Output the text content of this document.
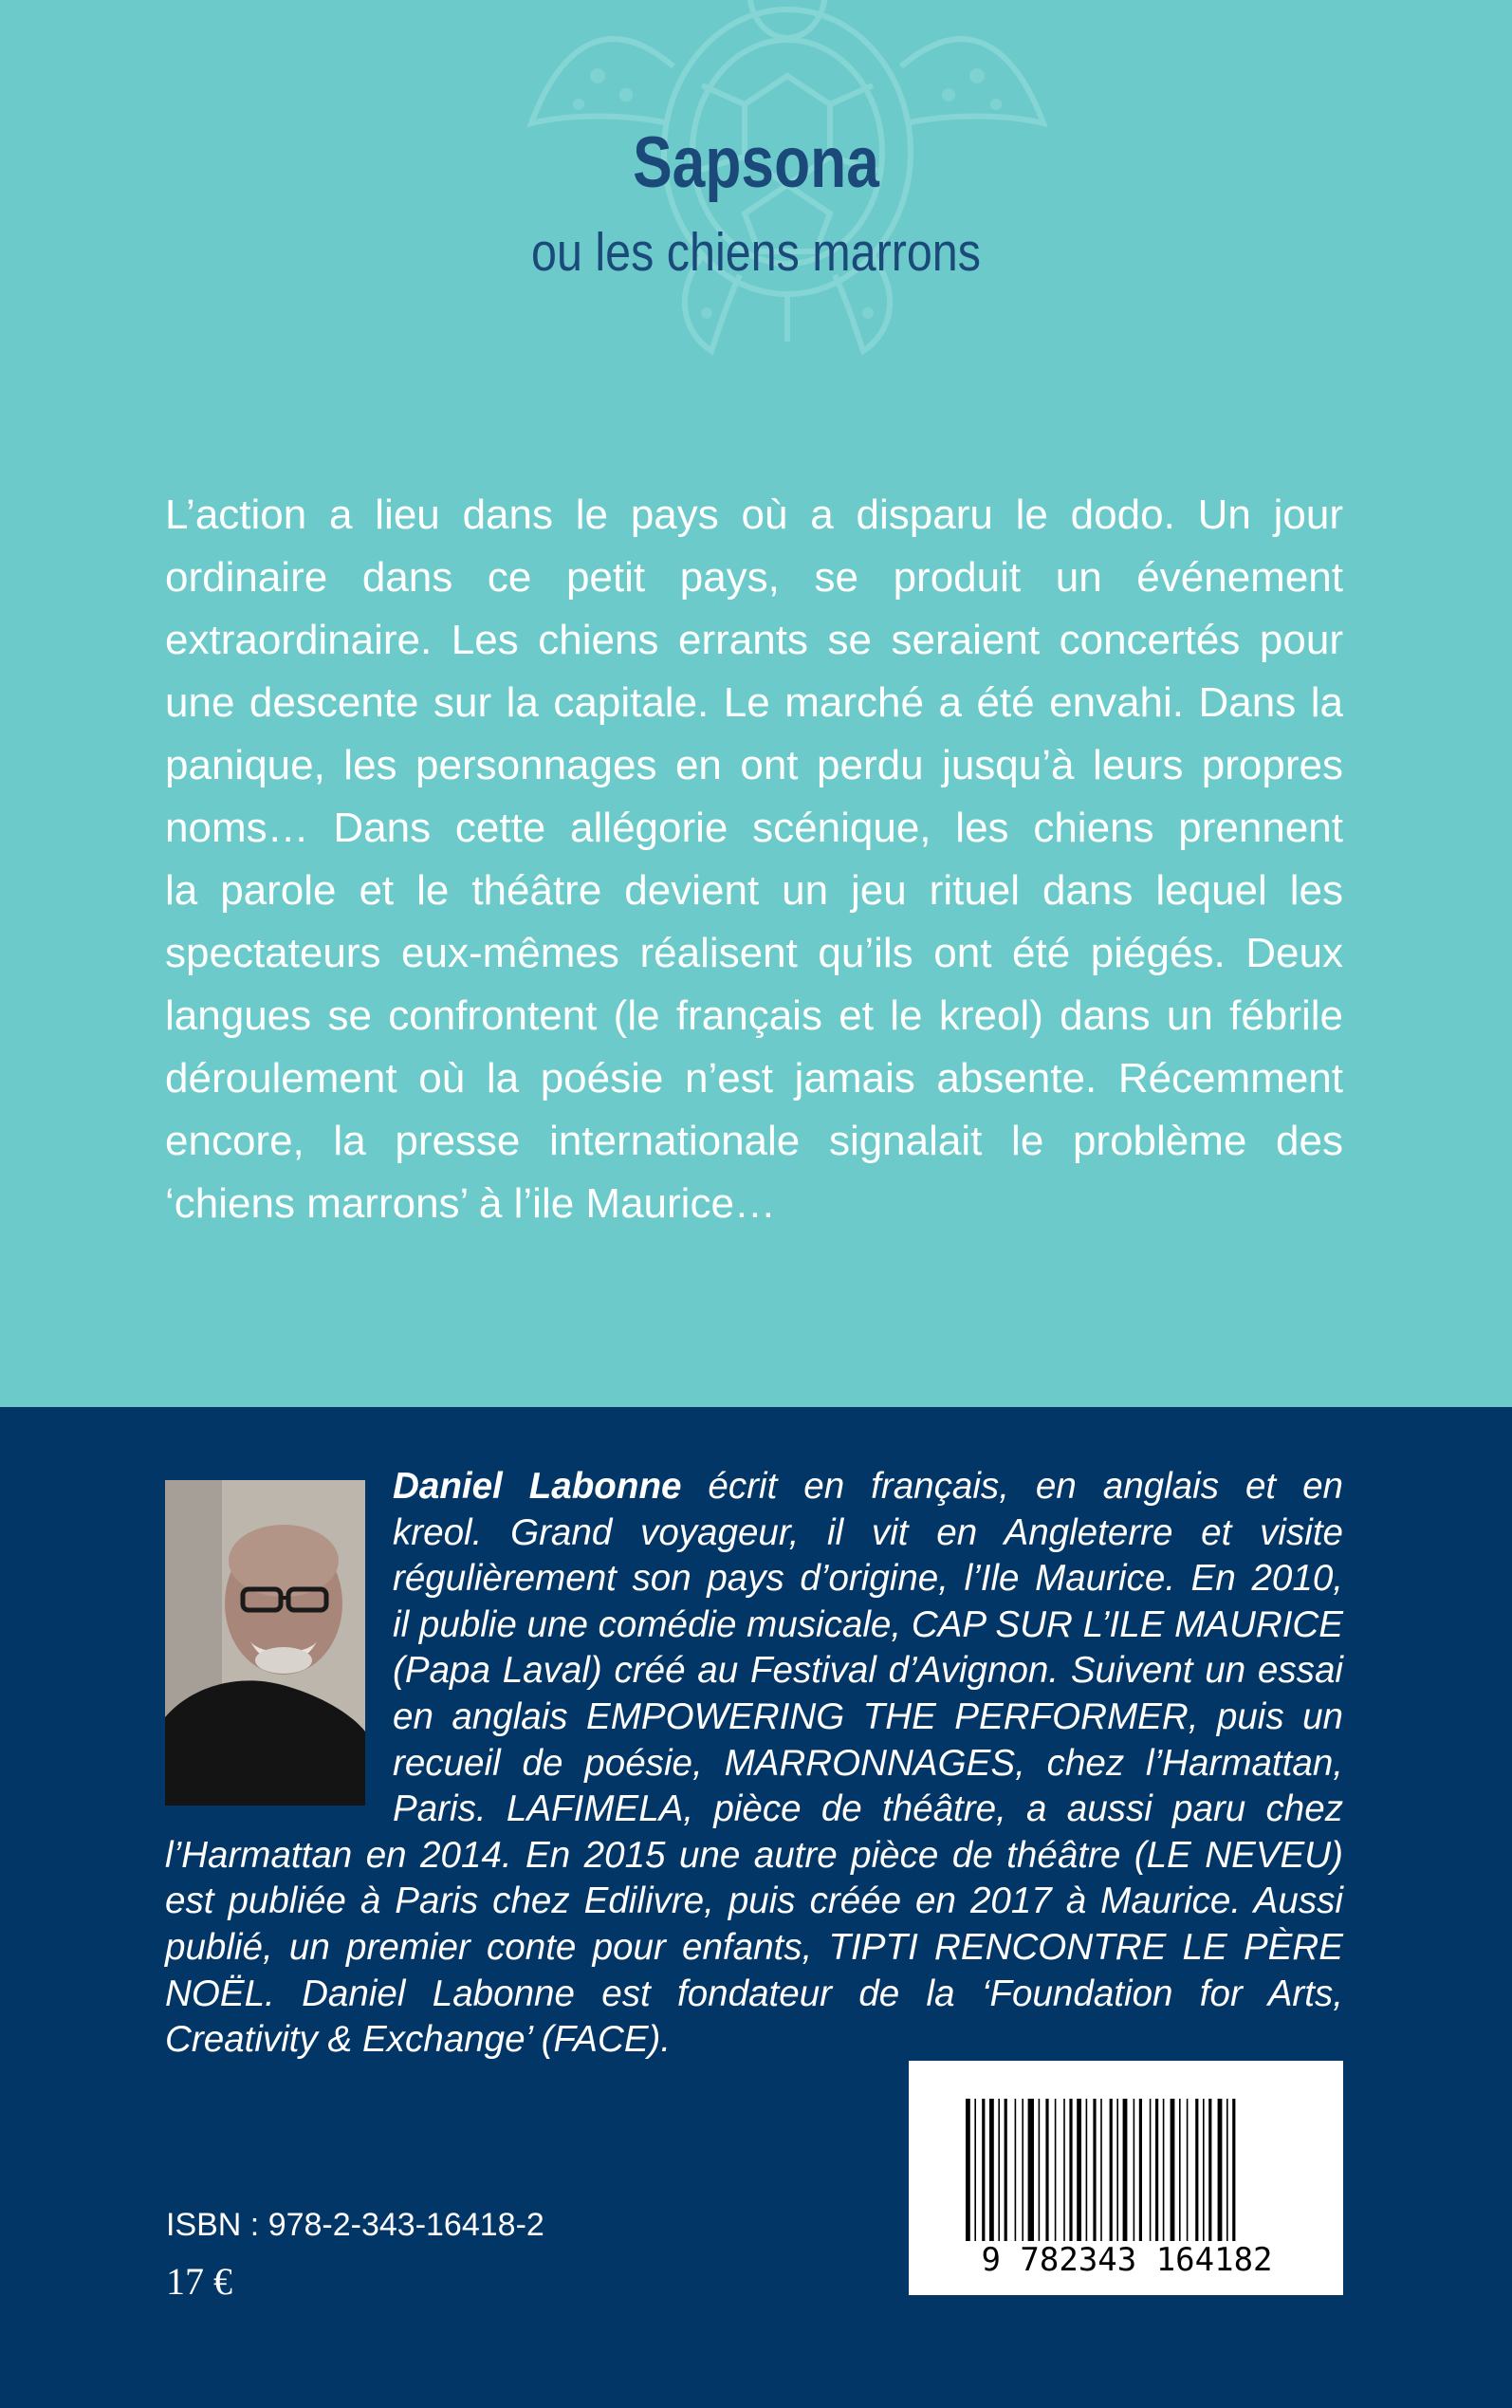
Sapsona
ou les chiens marrons
L’action a lieu dans le pays où a disparu le dodo. Un jour
ordinaire dans ce petit pays, se produit un événement
extraordinaire. Les chiens errants se seraient concertés pour
une descente sur la capitale. Le marché a été envahi. Dans la
panique, les personnages en ont perdu jusqu’à leurs propres
noms… Dans cette allégorie scénique, les chiens prennent
la parole et le théâtre devient un jeu rituel dans lequel les
spectateurs eux-mêmes réalisent qu’ils ont été piégés. Deux
langues se confrontent (le français et le kreol) dans un fébrile
déroulement où la poésie n’est jamais absente. Récemment
encore, la presse internationale signalait le problème des
‘chiens marrons’ à l’ile Maurice…
Daniel Labonne écrit en français, en anglais et en
kreol. Grand voyageur, il vit en Angleterre et visite
régulièrement son pays d’origine, l’Ile Maurice. En 2010,
il publie une comédie musicale, CAP SUR L’ILE MAURICE
(Papa Laval) créé au Festival d’Avignon. Suivent un essai
en anglais EMPOWERING THE PERFORMER, puis un
recueil de poésie, MARRONNAGES, chez l’Harmattan,
Paris. LAFIMELA, pièce de théâtre, a aussi paru chez
l’Harmattan en 2014. En 2015 une autre pièce de théâtre (LE NEVEU)
est publiée à Paris chez Edilivre, puis créée en 2017 à Maurice. Aussi
publié, un premier conte pour enfants, TIPTI RENCONTRE LE PÈRE
NOËL. Daniel Labonne est fondateur de la ‘Foundation for Arts,
Creativity & Exchange’ (FACE).
ISBN : 978-2-343-16418-2
17 €	9 782343 164182
